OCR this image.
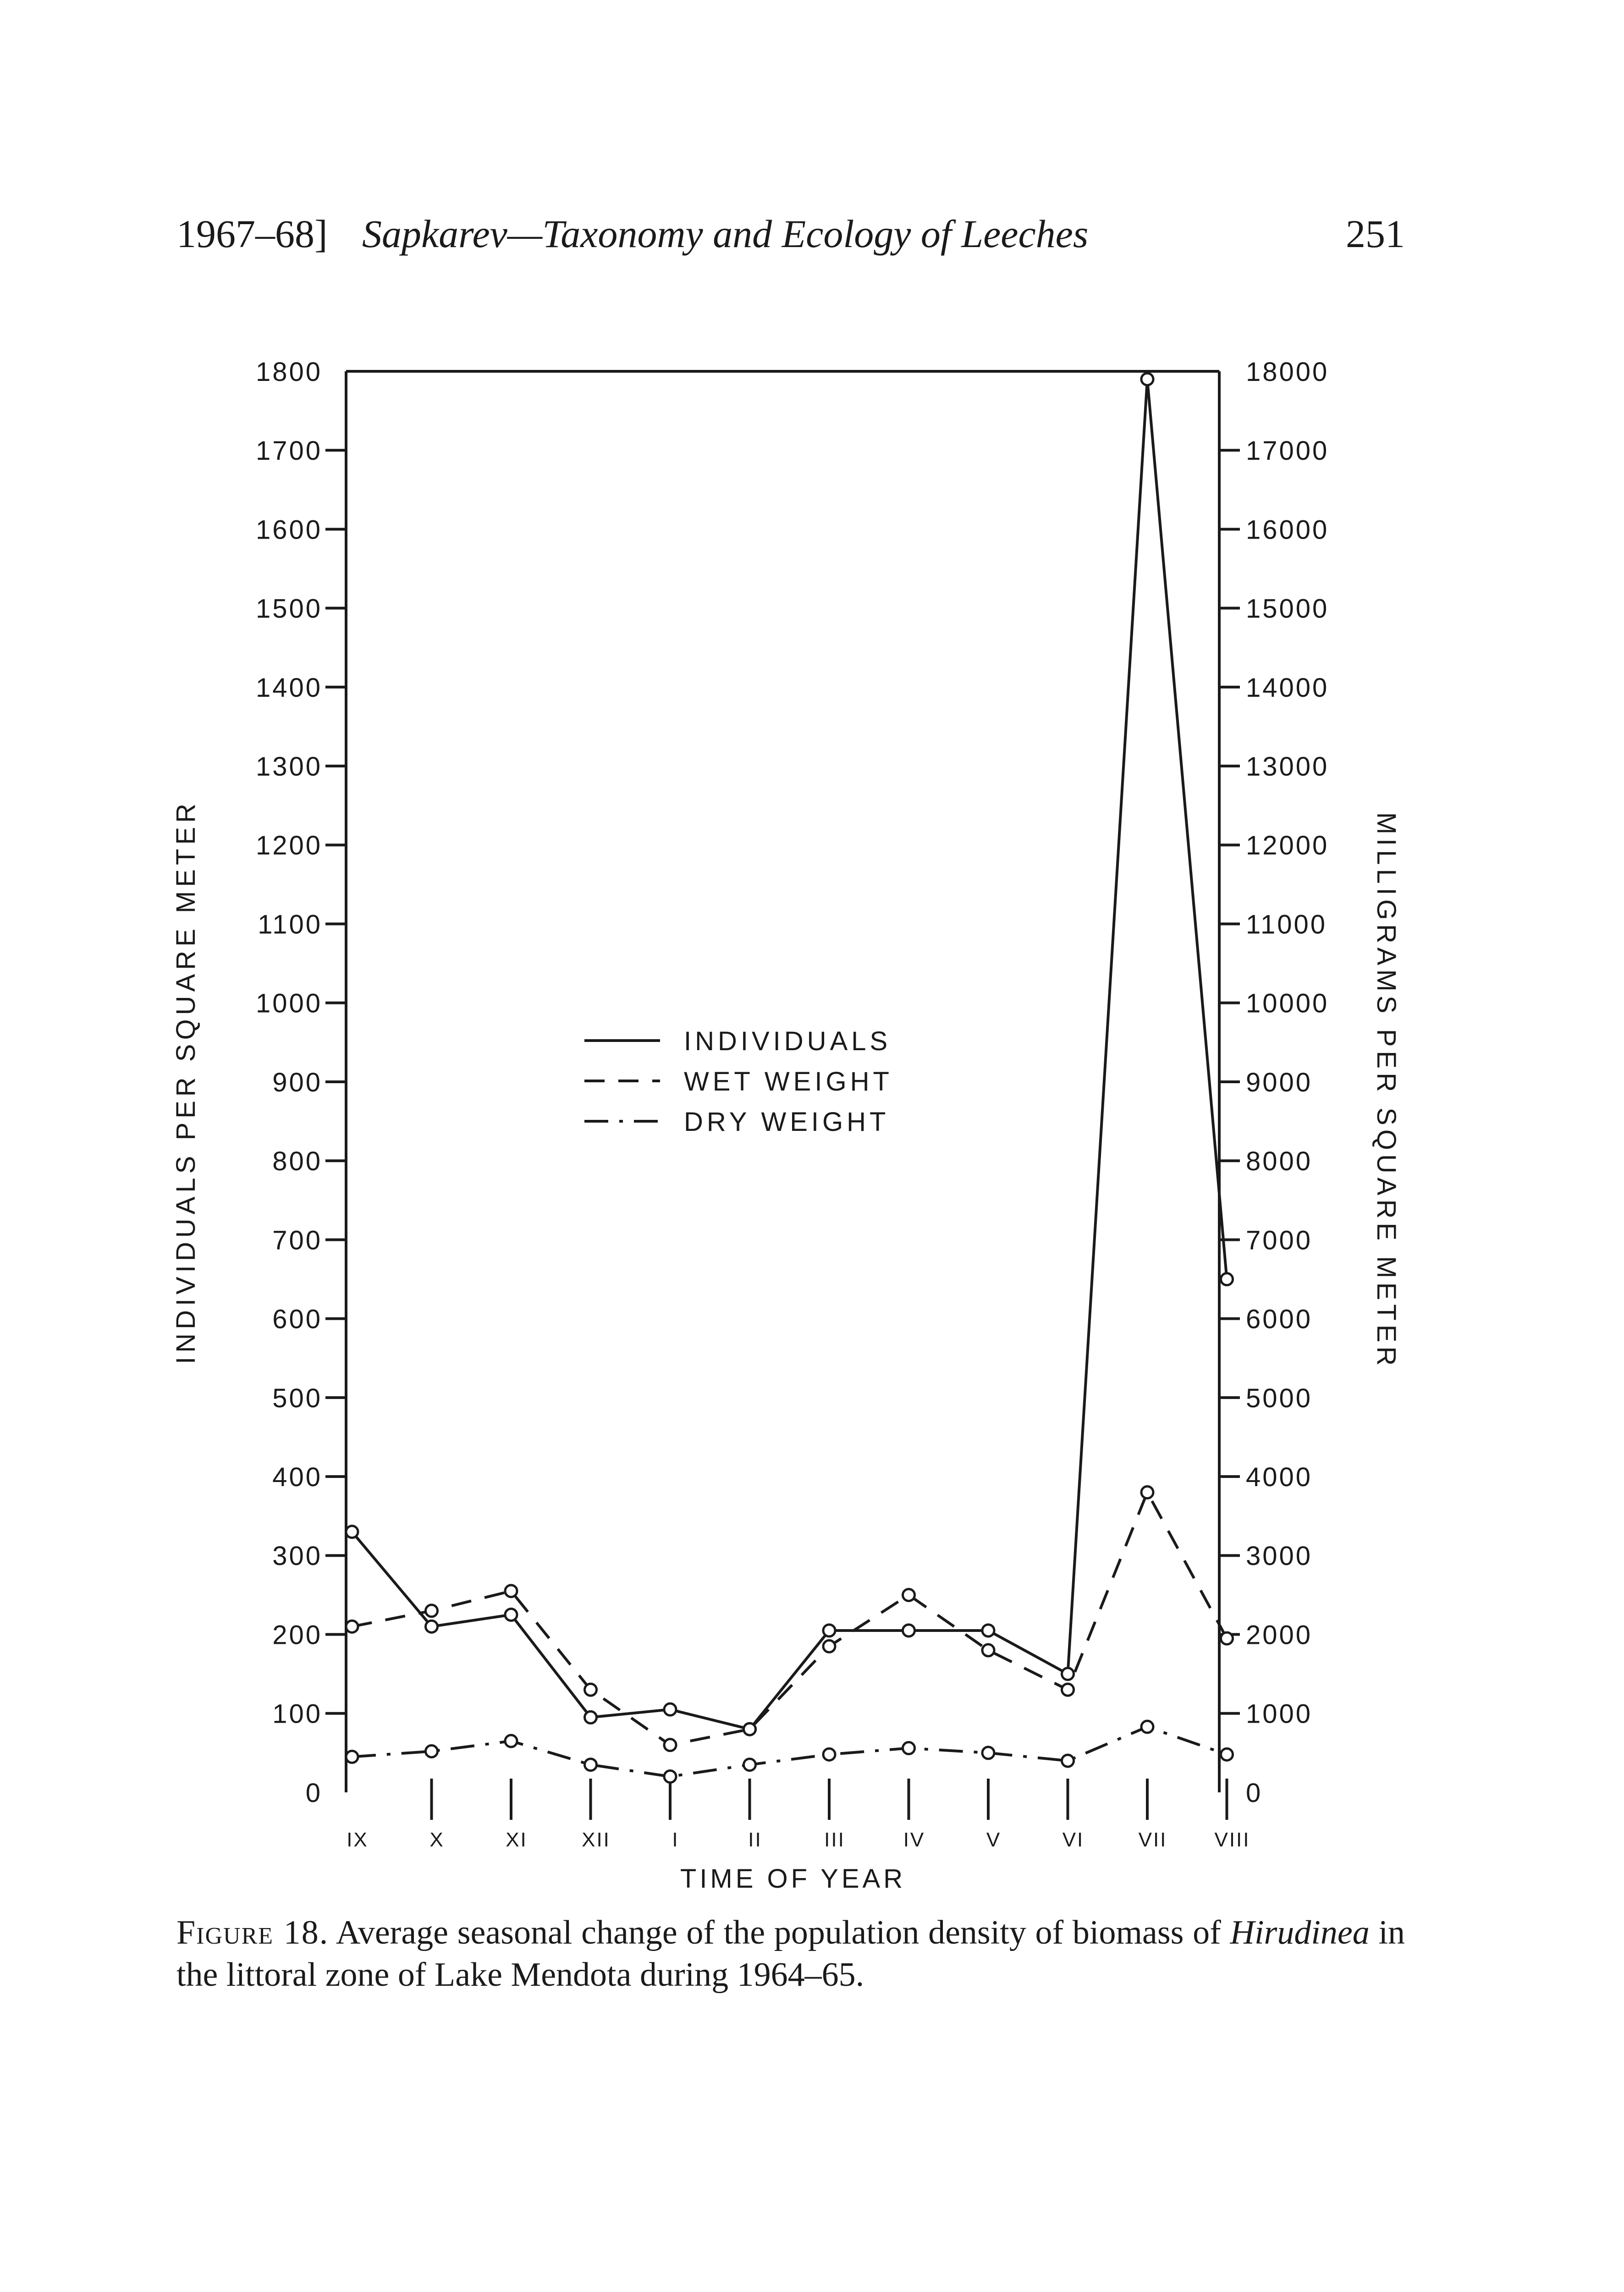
1967–68] Sapkarev—Taxonomy and Ecology of Leeches	251
0
100
200
300
400
500
600
700
800
900
1000
1100
1200
1300
1400
1500
1600
1700
1800
0
1000
2000
3000
4000
5000
6000
7000
8000
9000
10000
11000
12000
13000
14000
15000
16000
17000
18000
IX	X	XI	XII	I	II	III	IV	V	VI	VII VIII
TIME OF YEAR
INDIVIDUALS PER SQUARE METER	MILLIGRAMS PER SQUARE METER
INDIVIDUALS
WET WEIGHT
DRY WEIGHT
Figure 18. Average seasonal change of the population density of biomass of Hirudinea in the littoral zone of Lake Mendota during 1964–65.
